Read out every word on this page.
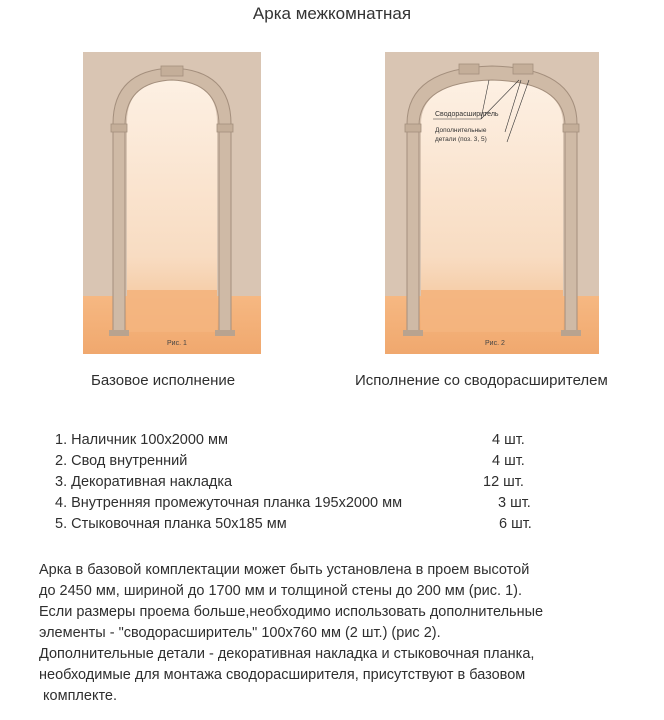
Арка межкомнатная
Рис. 1
Сводорасширитель
Дополнительные
детали (поз. 3, 5)
Рис. 2
Базовое исполнение	Исполнение со сводорасширителем
1. Наличник 100х2000 мм	4 шт.
2. Свод внутренний	4 шт.
3. Декоративная накладка	12 шт.
4. Внутренняя промежуточная планка 195х2000 мм	3 шт.
5. Стыковочная планка 50х185 мм	6 шт.
Арка в базовой комплектации может быть установлена в проем высотой
до 2450 мм, шириной до 1700 мм и толщиной стены до 200 мм (рис. 1).
Если размеры проема больше,необходимо использовать дополнительные
элементы - "сводорасширитель" 100х760 мм (2 шт.) (рис 2).
Дополнительные детали - декоративная накладка и стыковочная планка,
необходимые для монтажа сводорасширителя, присутствуют в базовом
комплекте.
